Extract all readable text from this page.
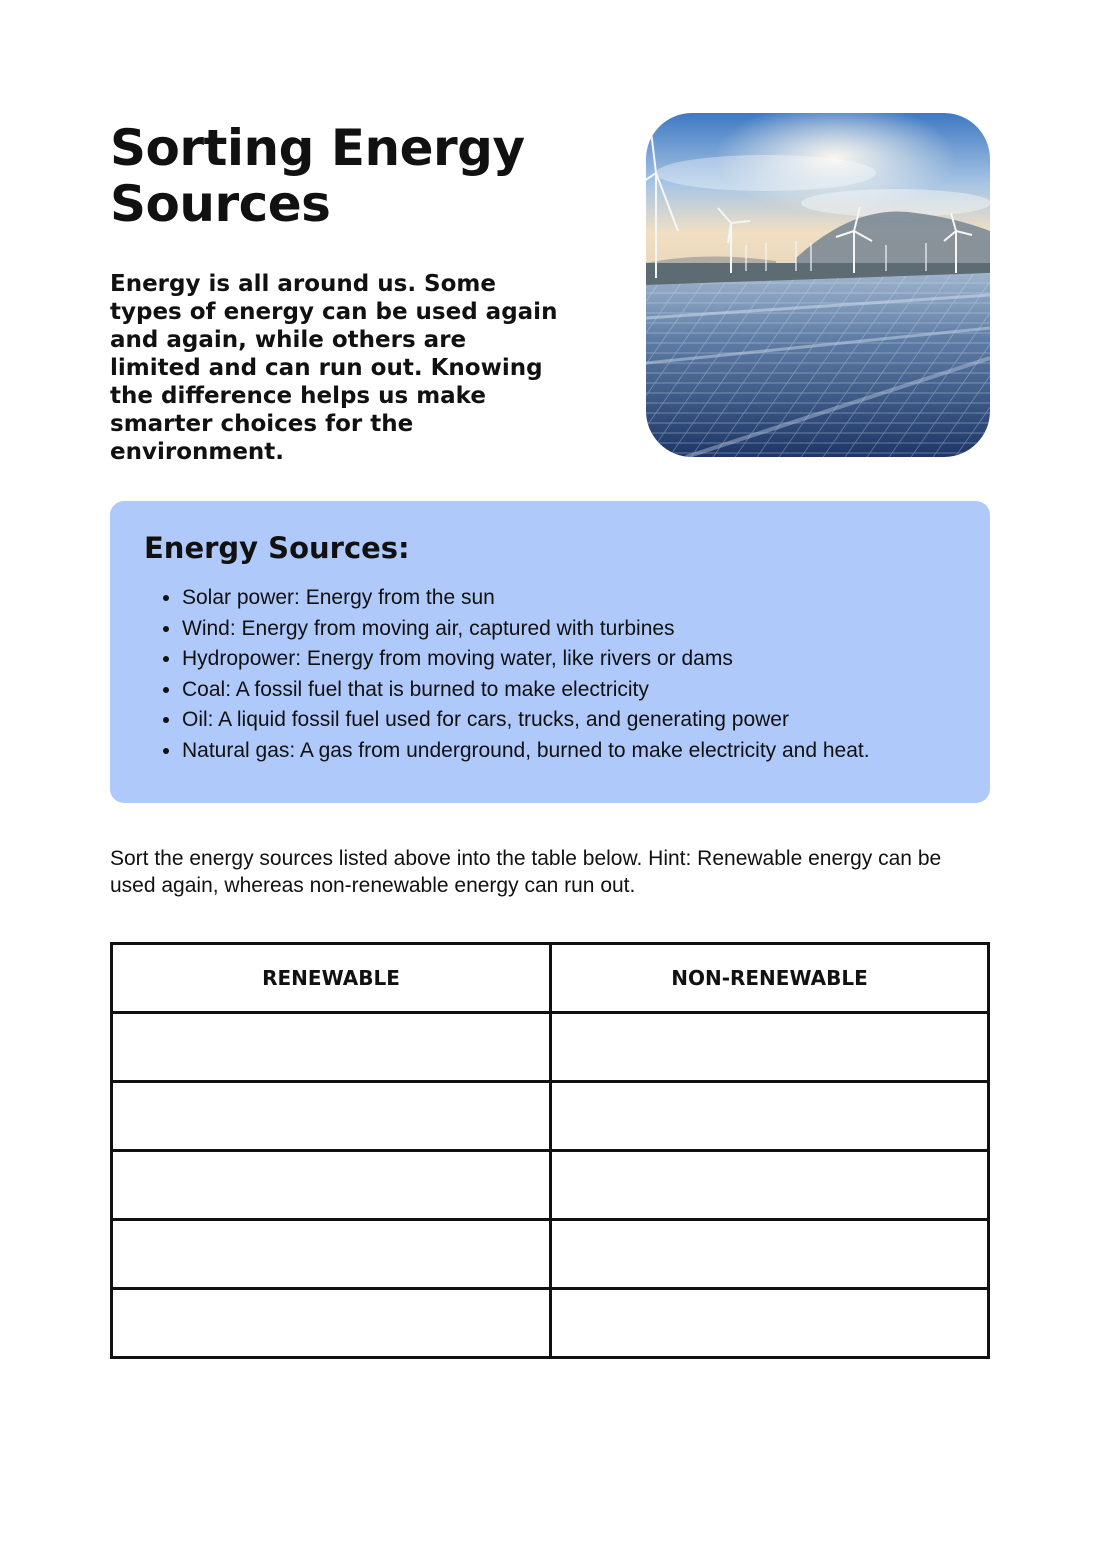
Sorting Energy Sources

Energy is all around us. Some types of energy can be used again and again, while others are limited and can run out. Knowing the difference helps us make smarter choices for the environment.

Energy Sources:
• Solar power: Energy from the sun
• Wind: Energy from moving air, captured with turbines
• Hydropower: Energy from moving water, like rivers or dams
• Coal: A fossil fuel that is burned to make electricity
• Oil: A liquid fossil fuel used for cars, trucks, and generating power
• Natural gas: A gas from underground, burned to make electricity and heat.

Sort the energy sources listed above into the table below. Hint: Renewable energy can be used again, whereas non-renewable energy can run out.

RENEWABLE	NON-RENEWABLE
